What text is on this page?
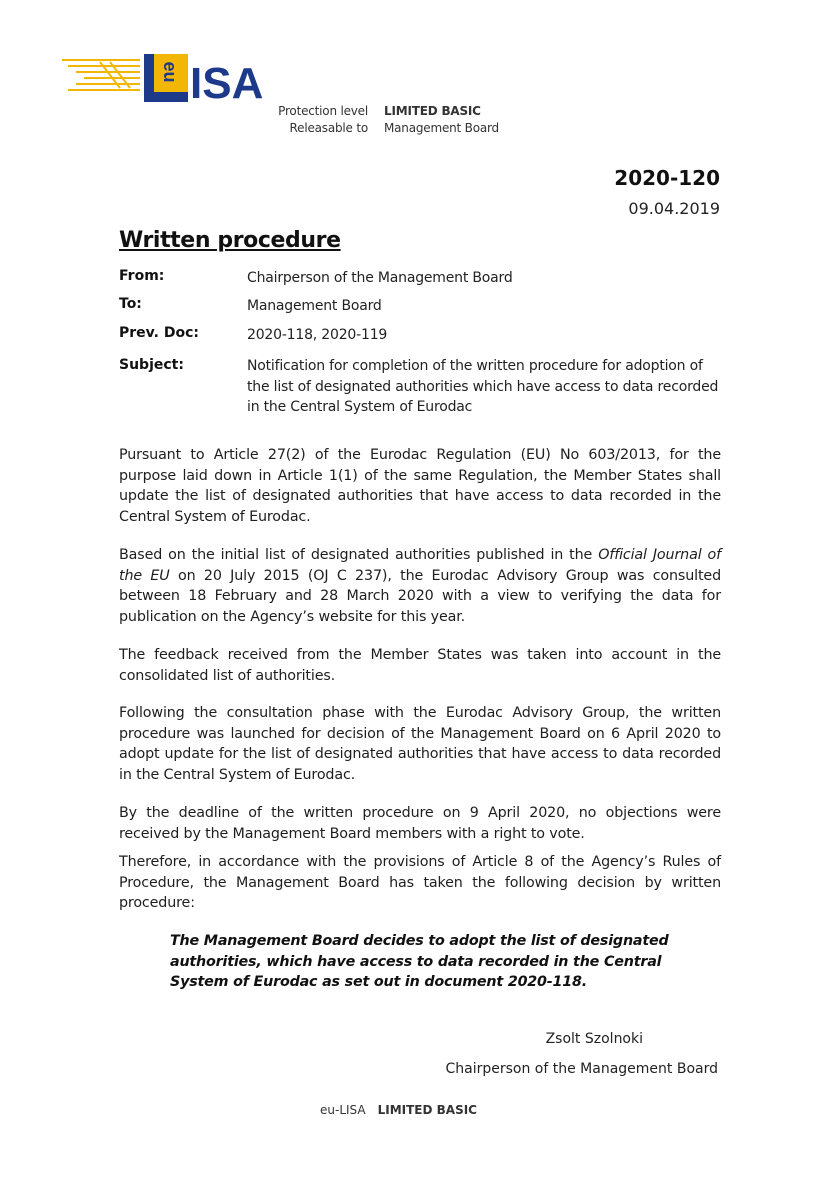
eu ISA
Protection level LIMITED BASIC
Releasable to Management Board
2020-120
09.04.2019
Written procedure
From:	Chairperson of the Management Board
To:	Management Board
Prev. Doc:	2020-118, 2020-119
Subject:	Notification for completion of the written procedure for adoption of the list of designated authorities which have access to data recorded in the Central System of Eurodac
Pursuant to Article 27(2) of the Eurodac Regulation (EU) No 603/2013, for the purpose laid down in Article 1(1) of the same Regulation, the Member States shall update the list of designated authorities that have access to data recorded in the Central System of Eurodac.
Based on the initial list of designated authorities published in the Official Journal of the EU on 20 July 2015 (OJ C 237), the Eurodac Advisory Group was consulted between 18 February and 28 March 2020 with a view to verifying the data for publication on the Agency’s website for this year.
The feedback received from the Member States was taken into account in the consolidated list of authorities.
Following the consultation phase with the Eurodac Advisory Group, the written procedure was launched for decision of the Management Board on 6 April 2020 to adopt update for the list of designated authorities that have access to data recorded in the Central System of Eurodac.
By the deadline of the written procedure on 9 April 2020, no objections were received by the Management Board members with a right to vote.
Therefore, in accordance with the provisions of Article 8 of the Agency’s Rules of Procedure, the Management Board has taken the following decision by written procedure:
The Management Board decides to adopt the list of designated authorities, which have access to data recorded in the Central System of Eurodac as set out in document 2020-118.
Zsolt Szolnoki
Chairperson of the Management Board
eu-LISA LIMITED BASIC
